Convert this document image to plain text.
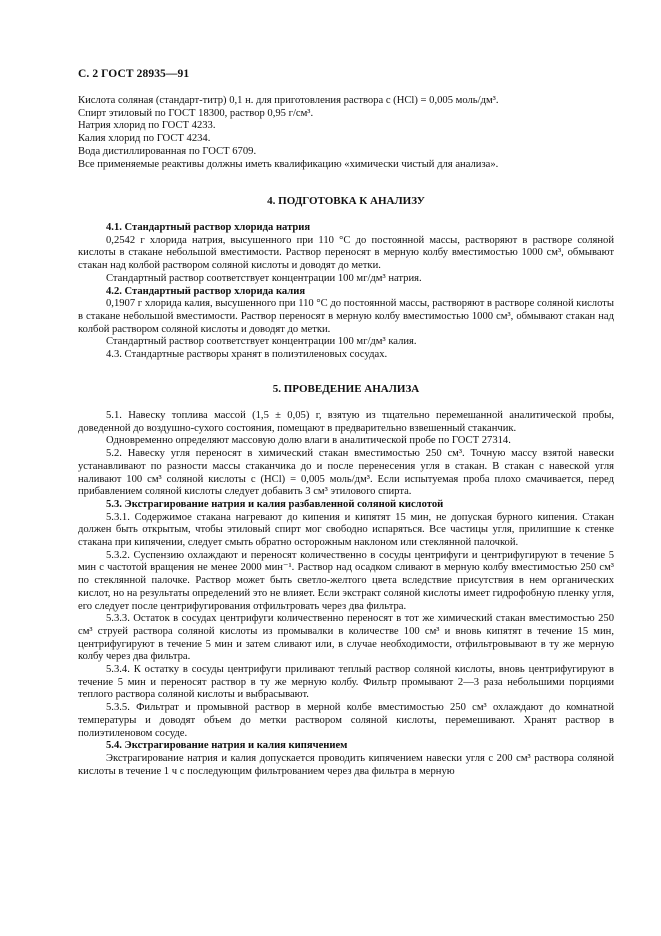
С. 2 ГОСТ 28935—91
Кислота соляная (стандарт-титр) 0,1 н. для приготовления раствора с (HCl) = 0,005 моль/дм³.
Спирт этиловый по ГОСТ 18300, раствор 0,95 г/см³.
Натрия хлорид по ГОСТ 4233.
Калия хлорид по ГОСТ 4234.
Вода дистиллированная по ГОСТ 6709.
Все применяемые реактивы должны иметь квалификацию «химически чистый для анализа».
4. ПОДГОТОВКА К АНАЛИЗУ
4.1. Стандартный раствор хлорида натрия
0,2542 г хлорида натрия, высушенного при 110 °С до постоянной массы, растворяют в растворе соляной кислоты в стакане небольшой вместимости. Раствор переносят в мерную колбу вместимостью 1000 см³, обмывают стакан над колбой раствором соляной кислоты и доводят до метки.
Стандартный раствор соответствует концентрации 100 мг/дм³ натрия.
4.2. Стандартный раствор хлорида калия
0,1907 г хлорида калия, высушенного при 110 °С до постоянной массы, растворяют в растворе соляной кислоты в стакане небольшой вместимости. Раствор переносят в мерную колбу вместимостью 1000 см³, обмывают стакан над колбой раствором соляной кислоты и доводят до метки.
Стандартный раствор соответствует концентрации 100 мг/дм³ калия.
4.3. Стандартные растворы хранят в полиэтиленовых сосудах.
5. ПРОВЕДЕНИЕ АНАЛИЗА
5.1. Навеску топлива массой (1,5 ± 0,05) г, взятую из тщательно перемешанной аналитической пробы, доведенной до воздушно-сухого состояния, помещают в предварительно взвешенный стаканчик.
Одновременно определяют массовую долю влаги в аналитической пробе по ГОСТ 27314.
5.2. Навеску угля переносят в химический стакан вместимостью 250 см³. Точную массу взятой навески устанавливают по разности массы стаканчика до и после перенесения угля в стакан. В стакан с навеской угля наливают 100 см³ соляной кислоты с (HCl) = 0,005 моль/дм³. Если испытуемая проба плохо смачивается, перед прибавлением соляной кислоты следует добавить 3 см³ этилового спирта.
5.3. Экстрагирование натрия и калия разбавленной соляной кислотой
5.3.1. Содержимое стакана нагревают до кипения и кипятят 15 мин, не допуская бурного кипения. Стакан должен быть открытым, чтобы этиловый спирт мог свободно испаряться. Все частицы угля, прилипшие к стенке стакана при кипячении, следует смыть обратно осторожным наклоном или стеклянной палочкой.
5.3.2. Суспензию охлаждают и переносят количественно в сосуды центрифуги и центрифугируют в течение 5 мин с частотой вращения не менее 2000 мин⁻¹. Раствор над осадком сливают в мерную колбу вместимостью 250 см³ по стеклянной палочке. Раствор может быть светло-желтого цвета вследствие присутствия в нем органических кислот, но на результаты определений это не влияет. Если экстракт соляной кислоты имеет гидрофобную пленку угля, его следует после центрифугирования отфильтровать через два фильтра.
5.3.3. Остаток в сосудах центрифуги количественно переносят в тот же химический стакан вместимостью 250 см³ струей раствора соляной кислоты из промывалки в количестве 100 см³ и вновь кипятят в течение 15 мин, центрифугируют в течение 5 мин и затем сливают или, в случае необходимости, отфильтровывают в ту же мерную колбу через два фильтра.
5.3.4. К остатку в сосуды центрифуги приливают теплый раствор соляной кислоты, вновь центрифугируют в течение 5 мин и переносят раствор в ту же мерную колбу. Фильтр промывают 2—3 раза небольшими порциями теплого раствора соляной кислоты и выбрасывают.
5.3.5. Фильтрат и промывной раствор в мерной колбе вместимостью 250 см³ охлаждают до комнатной температуры и доводят объем до метки раствором соляной кислоты, перемешивают. Хранят раствор в полиэтиленовом сосуде.
5.4. Экстрагирование натрия и калия кипячением
Экстрагирование натрия и калия допускается проводить кипячением навески угля с 200 см³ раствора соляной кислоты в течение 1 ч с последующим фильтрованием через два фильтра в мерную
